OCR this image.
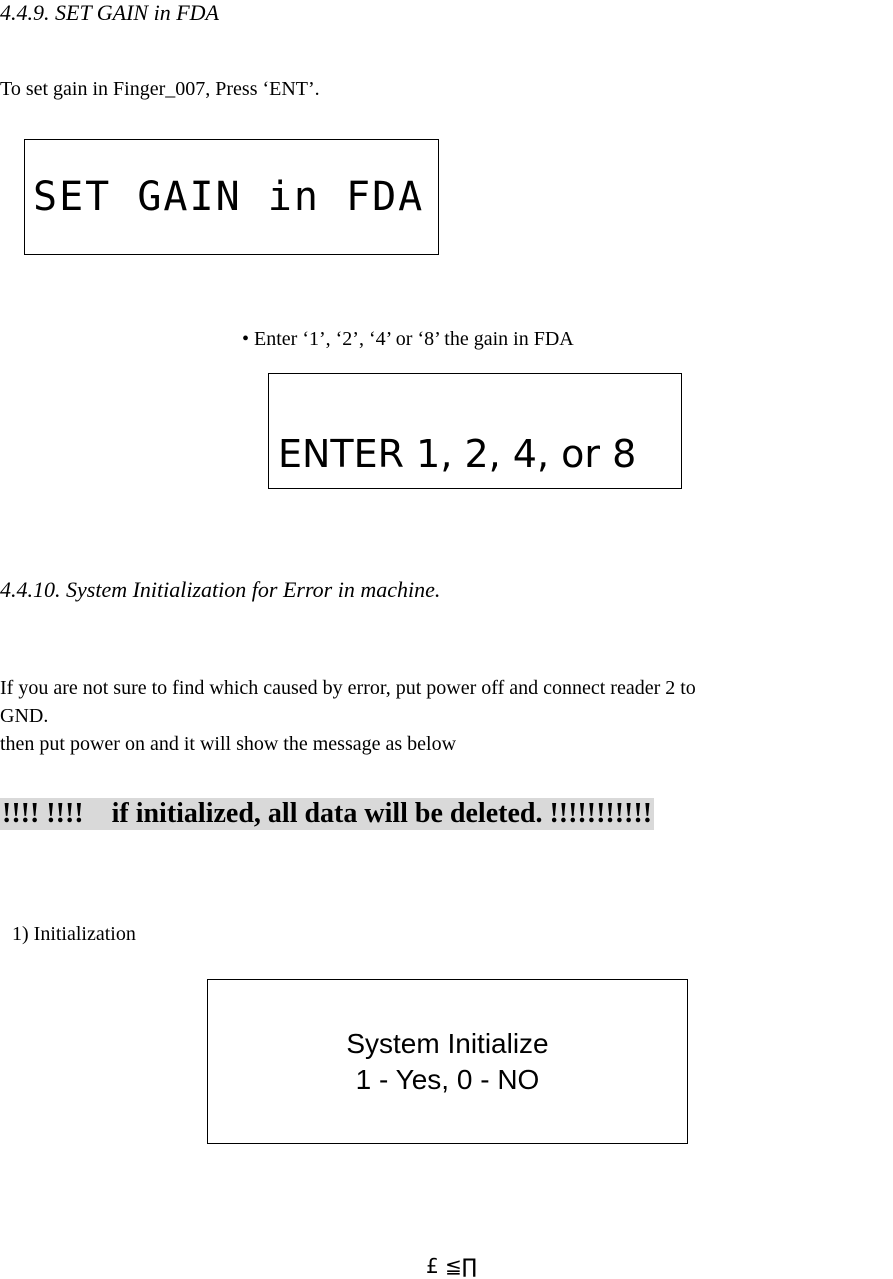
4.4.9. SET GAIN in FDA
To set gain in Finger_007, Press ‘ENT’.
SET GAIN in FDA
• Enter ‘1’, ‘2’, ‘4’ or ‘8’ the gain in FDA
ENTER 1, 2, 4, or 8
4.4.10. System Initialization for Error in machine.
If you are not sure to find which caused by error, put power off and connect reader 2 to
GND.
then put power on and it will show the message as below
!!!! !!!!    if initialized, all data will be deleted. !!!!!!!!!!!
1) Initialization
System Initialize
1 - Yes, 0 - NO
£ ≦∏
